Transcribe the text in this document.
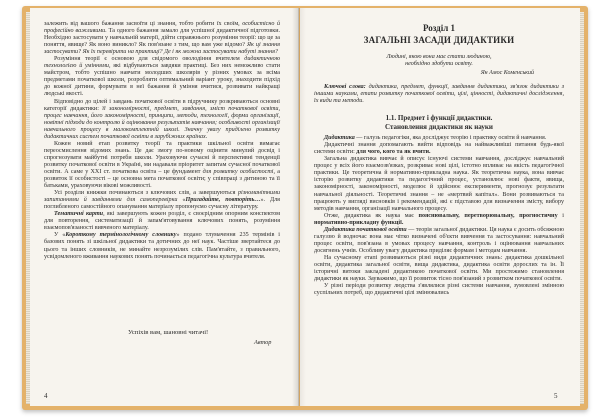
залежить від вашого бажання засвоїти ці знання, тобто робити їх своїм, особистісно й професійно важливими. Та одного бажання замало для успішної дидактичної підготовки. Необхідно застосувати у навчальній матерії, дійти справжнього розуміння теорії: що це за поняття, явище? Як воно виникло? Як пов'язане з тим, що вам уже відомо? Як ці знання застосувати? Як їх перевірити на практиці? Де і як можна застосувати набуті знання?

Розуміння теорії є основою для свідомого оволодіння вчителем дидактичною технологією й уміннями, які відбуваються завдяки практиці. Без них неможливо стати майстром, тобто успішно навчати молодших школярів у різних умовах за всіма предметами початкової школи, розробляти оптимальний варіант уроку, знаходити підхід до кожної дитини, формувати в неї бажання й уміння вчитися, розвивати найкращі людські якості.

Відповідно до цілей і завдань початкової освіти в підручнику розкриваються основні категорії дидактики: її закономірності, предмет, завдання, зміст початкової освіти, процес навчання, його закономірності, принципи, методи, технології, форми організації, новітні підходи до контролю й оцінювання результатів навчання; особливості організації навчального процесу в малокомплектній школі. Значну увагу приділено розвитку дидактичних систем початкової освіти в зарубіжних країнах.

Кожен новий етап розвитку теорії та практики шкільної освіти вимагає переосмислення відомих знань. Це дає змогу по-новому оцінити минулий досвід і спрогнозувати майбутні потреби школи. Ураховуючи сучасні й перспективні тенденції розвитку початкової освіти в Україні, ми надавали пріоритет запитам сучасної початкової освіти. А саме у XXI ст. початкова освіта – це фундамент для розвитку особистості, а розвиток її особистості – це основна мета початкової освіти; у співпраці з дитиною та її батьками, ураховуючи вікові можливості.

Усі розділи книжки починаються з ключових слів, а завершуються різноманітними запитаннями й завданнями для самоперевірки «Пригадайте, повторіть…». Для поглибленого самостійного опанування матеріалу пропонуємо сучасну літературу.

Тематичні карти, які завершують кожен розділ, є своєрідним опорним конспектом для повторення, систематизації й запам'ятовування ключових понять, розуміння взаємопов'язаності вивченого матеріалу.

У «Короткому термінологічному словнику» подано тлумачення 235 термінів і базових понять зі шкільної дидактики та дотичних до неї наук. Частіше звертайтеся до цього та інших словників, не минайте незрозумілих слів. Пам'ятайте, з правильного, усвідомленого вживання наукових понять починається педагогічна культура вчителя.

Успіхів вам, шановні читачі!
Автор
4
Розділ 1
ЗАГАЛЬНІ ЗАСАДИ ДИДАКТИКИ
Людині, якою вона має стати людиною,
необхідно здобути освіту.
Ян Амос Коменський
Ключові слова: дидактика, предмет, функції, завдання дидактики, зв'язок дидактики з іншими науками, етапи розвитку початкової освіти, цілі, цінності, дидактичні дослідження, їх види та методи.
1.1. Предмет і функції дидактики.
Становлення дидактики як науки

Дидактика — галузь педагогіки, яка досліджує теорію і практику освіти й навчання.

Дидактичні знання допомагають вийти відповідь на найважливіші питання будь-якої системи освіти: для чого, кого та як вчити.

Загальна дидактика вивчає й описує існуючі системи навчання, досліджує навчальний процес у всіх його взаємозв'язках, розкриває нові цілі, істотно впливає на якість педагогічної практики. Це теоретична й нормативно-прикладна наука. Як теоретична наука, вона вивчає історію розвитку дидактики та педагогічний процес, установлює нові факти, явища, закономірності, закономірності, моделює й здійснює експерименти, прогнозує результати навчальної діяльності. Теоретичні знання – не «мертвий капітал». Вони розвиваються та працюють у вигляді висновків і рекомендацій, які є підставою для визначення змісту, вибору методів навчання, організації навчального процесу.

Отже, дидактика як наука має пояснювальну, перетворювальну, прогностичну і нормативно-прикладну функції.

Дидактика початкової освіти — теорія загальної дидактики. Ця наука є досить обсяжною галуззю й водночас вона має чітко визначені об'єкти вивчення та застосування: навчальний процес освіти, пов'язана в умовах процесу навчання, контроль і оцінювання навчальних досягнень учнів. Особливу увагу дидактика приділяє формам і методам навчання.

На сучасному етапі розвиваються різні види дидактичних знань: дидактика дошкільної освіти, дидактика загальної освіти, вища дидактика, дидактика освіти дорослих та ін. Її історичні витоки закладені дидактикою початкової освіти. Ми простежимо становлення дидактики як науки. Зауважимо, що її розвиток тісно пов'язаний з розвитком початкової освіти.

У різні періоди розвитку людства з'являлися різні системи навчання, зумовлені змінною суспільних потреб, що дидактичні цілі змінювались

5
